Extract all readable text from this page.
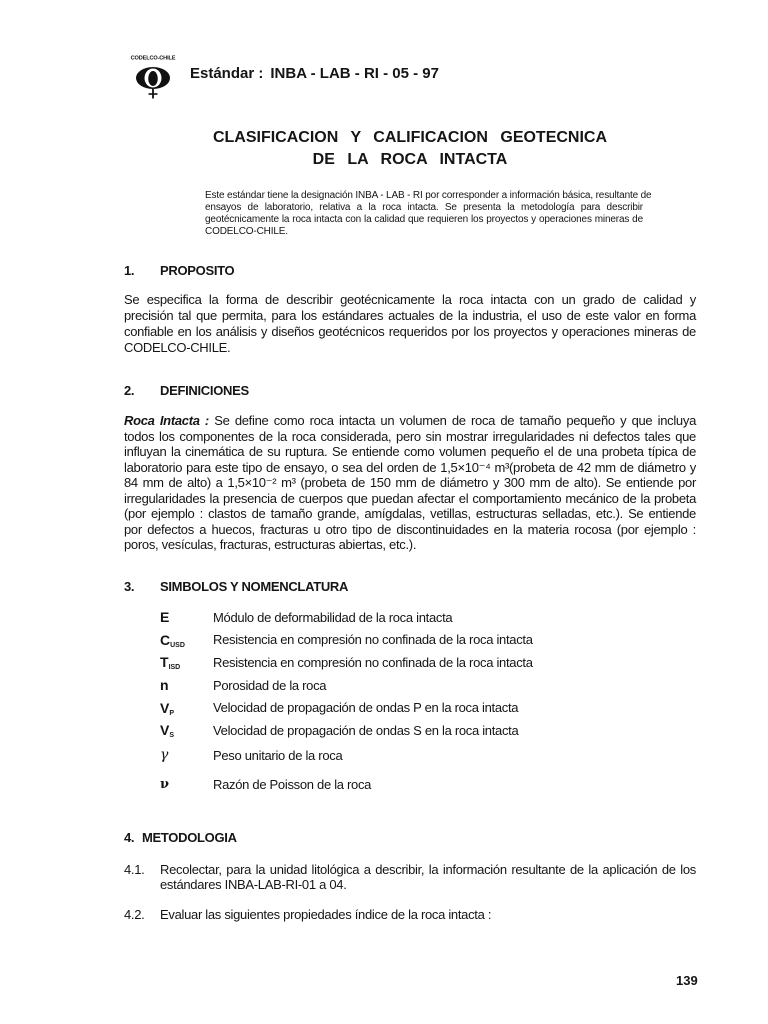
CODELCO-CHILE
Estándar : INBA - LAB - RI - 05 - 97
CLASIFICACION Y CALIFICACION GEOTECNICA
DE LA ROCA INTACTA
Este estándar tiene la designación INBA - LAB - RI por corresponder a información básica, resultante de
ensayos de laboratorio, relativa a la roca intacta. Se presenta la metodología para describir
geotécnicamente la roca intacta con la calidad que requieren los proyectos y operaciones mineras de
CODELCO-CHILE.
1. PROPOSITO
Se especifica la forma de describir geotécnicamente la roca intacta con un grado de calidad y
precisión tal que permita, para los estándares actuales de la industria, el uso de este valor en forma
confiable en los análisis y diseños geotécnicos requeridos por los proyectos y operaciones mineras de
CODELCO-CHILE.
2. DEFINICIONES
Roca Intacta : Se define como roca intacta un volumen de roca de tamaño pequeño y que incluya
todos los componentes de la roca considerada, pero sin mostrar irregularidades ni defectos tales que
influyan la cinemática de su ruptura. Se entiende como volumen pequeño el de una probeta típica de
laboratorio para este tipo de ensayo, o sea del orden de 1,5×10⁻⁴ m³(probeta de 42 mm de diámetro y
84 mm de alto) a 1,5×10⁻² m³ (probeta de 150 mm de diámetro y 300 mm de alto). Se entiende por
irregularidades la presencia de cuerpos que puedan afectar el comportamiento mecánico de la probeta
(por ejemplo : clastos de tamaño grande, amígdalas, vetillas, estructuras selladas, etc.). Se entiende
por defectos a huecos, fracturas u otro tipo de discontinuidades en la materia rocosa (por ejemplo :
poros, vesículas, fracturas, estructuras abiertas, etc.).
3. SIMBOLOS Y NOMENCLATURA
E	Módulo de deformabilidad de la roca intacta
$C_{USD}$	Resistencia en compresión no confinada de la roca intacta
$T_{ISD}$	Resistencia en compresión no confinada de la roca intacta
n	Porosidad de la roca
$V_P$	Velocidad de propagación de ondas P en la roca intacta
$V_S$	Velocidad de propagación de ondas S en la roca intacta
γ	Peso unitario de la roca
ν	Razón de Poisson de la roca
4. METODOLOGIA
4.1.	Recolectar, para la unidad litológica a describir, la información resultante de la aplicación de los
estándares INBA-LAB-RI-01 a 04.
4.2.	Evaluar las siguientes propiedades índice de la roca intacta :
139
